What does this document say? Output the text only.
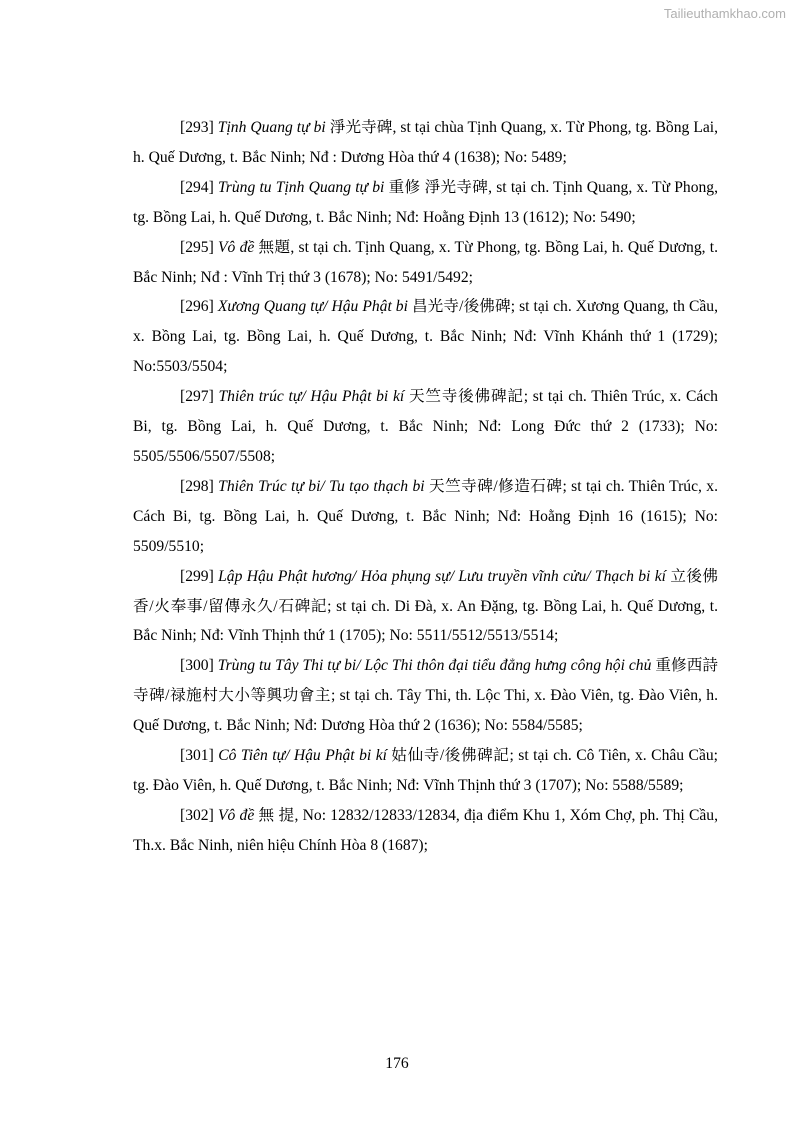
Tailieuthamkhao.com

[293] Tịnh Quang tự bi 淨光寺碑, st tại chùa Tịnh Quang, x. Từ Phong, tg. Bồng Lai, h. Quế Dương, t. Bắc Ninh; Nđ : Dương Hòa thứ 4 (1638); No: 5489;

[294] Trùng tu Tịnh Quang tự bi 重修 淨光寺碑, st tại ch. Tịnh Quang, x. Từ Phong, tg. Bồng Lai, h. Quế Dương, t. Bắc Ninh; Nđ: Hoằng Định 13 (1612); No: 5490;

[295] Vô đề 無題, st tại ch. Tịnh Quang, x. Từ Phong, tg. Bồng Lai, h. Quế Dương, t. Bắc Ninh; Nđ : Vĩnh Trị thứ 3 (1678); No: 5491/5492;

[296] Xương Quang tự/ Hậu Phật bi 昌光寺/後佛碑; st tại ch. Xương Quang, th Cầu, x. Bồng Lai, tg. Bồng Lai, h. Quế Dương, t. Bắc Ninh; Nđ: Vĩnh Khánh thứ 1 (1729); No:5503/5504;

[297] Thiên trúc tự/ Hậu Phật bi kí 天竺寺後佛碑記; st tại ch. Thiên Trúc, x. Cách Bi, tg. Bồng Lai, h. Quế Dương, t. Bắc Ninh; Nđ: Long Đức thứ 2 (1733); No: 5505/5506/5507/5508;

[298] Thiên Trúc tự bi/ Tu tạo thạch bi 天竺寺碑/修造石碑; st tại ch. Thiên Trúc, x. Cách Bi, tg. Bồng Lai, h. Quế Dương, t. Bắc Ninh; Nđ: Hoằng Định 16 (1615); No: 5509/5510;

[299] Lập Hậu Phật hương/ Hỏa phụng sự/ Lưu truyền vĩnh cửu/ Thạch bi kí 立後佛香/火奉事/留傳永久/石碑記; st tại ch. Di Đà, x. An Đặng, tg. Bồng Lai, h. Quế Dương, t. Bắc Ninh; Nđ: Vĩnh Thịnh thứ 1 (1705); No: 5511/5512/5513/5514;

[300] Trùng tu Tây Thi tự bi/ Lộc Thi thôn đại tiểu đẳng hưng công hội chủ 重修西詩寺碑/禄施村大小等興功會主; st tại ch. Tây Thi, th. Lộc Thi, x. Đào Viên, tg. Đào Viên, h. Quế Dương, t. Bắc Ninh; Nđ: Dương Hòa thứ 2 (1636); No: 5584/5585;

[301] Cô Tiên tự/ Hậu Phật bi kí 姑仙寺/後佛碑記; st tại ch. Cô Tiên, x. Châu Cầu; tg. Đào Viên, h. Quế Dương, t. Bắc Ninh; Nđ: Vĩnh Thịnh thứ 3 (1707); No: 5588/5589;

[302] Vô đề 無 提, No: 12832/12833/12834, địa điểm Khu 1, Xóm Chợ, ph. Thị Cầu, Th.x. Bắc Ninh, niên hiệu Chính Hòa 8 (1687);

176
